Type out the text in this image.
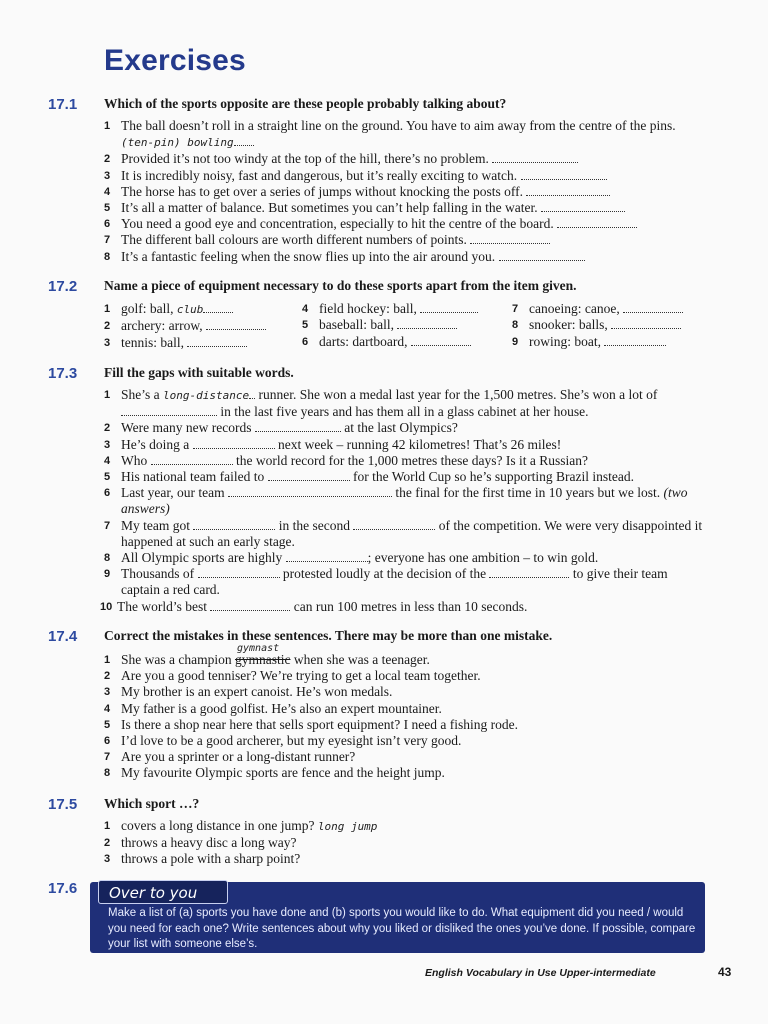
Exercises
17.1 Which of the sports opposite are these people probably talking about?
1 The ball doesn’t roll in a straight line on the ground. You have to aim away from the centre of the pins. (ten-pin) bowling
2 Provided it’s not too windy at the top of the hill, there’s no problem.
3 It is incredibly noisy, fast and dangerous, but it’s really exciting to watch.
4 The horse has to get over a series of jumps without knocking the posts off.
5 It’s all a matter of balance. But sometimes you can’t help falling in the water.
6 You need a good eye and concentration, especially to hit the centre of the board.
7 The different ball colours are worth different numbers of points.
8 It’s a fantastic feeling when the snow flies up into the air around you.
17.2 Name a piece of equipment necessary to do these sports apart from the item given.
1 golf: ball, club
2 archery: arrow,
3 tennis: ball,
4 field hockey: ball,
5 baseball: ball,
6 darts: dartboard,
7 canoeing: canoe,
8 snooker: balls,
9 rowing: boat,
17.3 Fill the gaps with suitable words.
1 She’s a long-distance runner. She won a medal last year for the 1,500 metres. She’s won a lot of  in the last five years and has them all in a glass cabinet at her house.
2 Were many new records	at the last Olympics?
3 He’s doing a	next week – running 42 kilometres! That’s 26 miles!
4 Who	the world record for the 1,000 metres these days? Is it a Russian?
5 His national team failed to	for the World Cup so he’s supporting Brazil instead.
6 Last year, our team	the final for the first time in 10 years but we lost. (two answers)
7 My team got	in the second	of the competition. We were very disappointed it happened at such an early stage.
8 All Olympic sports are highly	; everyone has one ambition – to win gold.
9 Thousands of	protested loudly at the decision of the	to give their team captain a red card.
10 The world’s best	can run 100 metres in less than 10 seconds.
17.4 Correct the mistakes in these sentences. There may be more than one mistake.
1 She was a champion
gymnast
gymnastic when she was a teenager.
2 Are you a good tenniser? We’re trying to get a local team together.
3 My brother is an expert canoist. He’s won medals.
4 My father is a good golfist. He’s also an expert mountainer.
5 Is there a shop near here that sells sport equipment? I need a fishing rode.
6 I’d love to be a good archerer, but my eyesight isn’t very good.
7 Are you a sprinter or a long-distant runner?
8 My favourite Olympic sports are fence and the height jump.
17.5 Which sport …?
1 covers a long distance in one jump? long jump
2 throws a heavy disc a long way?
3 throws a pole with a sharp point?
17.6	Over to you
Make a list of (a) sports you have done and (b) sports you would like to do. What equipment did you need / would you need for each one? Write sentences about why you liked or disliked the ones you’ve done. If possible, compare your list with someone else’s.
English Vocabulary in Use Upper-intermediate	43
